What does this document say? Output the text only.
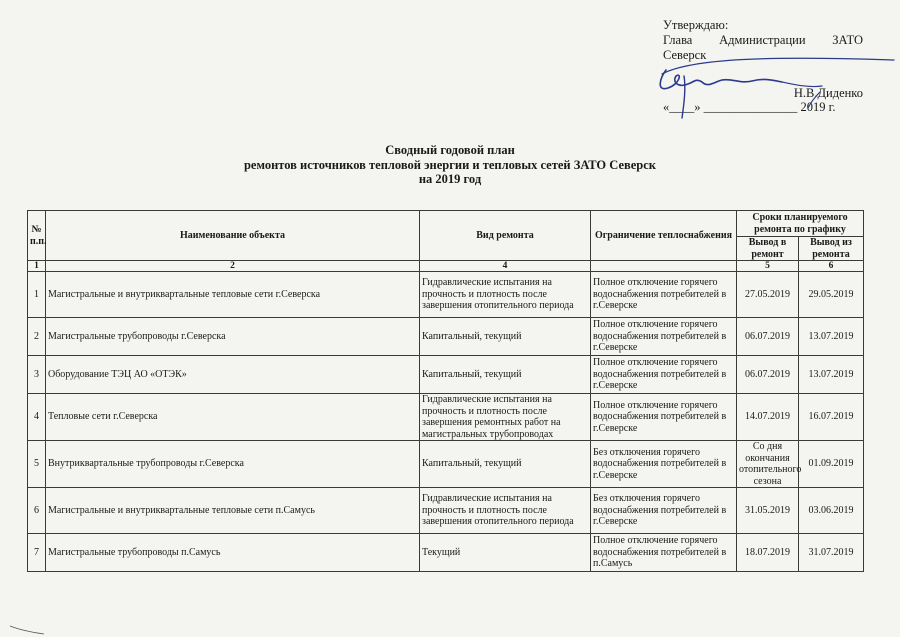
Утверждаю:
Глава Администрации ЗАТО
Северск
Н.В.Диденко
«____» _______________ 2019 г.
Сводный годовой план
ремонтов источников тепловой энергии и тепловых сетей ЗАТО Северск
на 2019 год
№ п.п.	Наименование объекта	Вид ремонта	Ограничение теплоснабжения	Сроки планируемого ремонта по графику	
				Вывод в ремонт	Вывод из ремонта
1	2	4		5	6
1	Магистральные и внутриквартальные тепловые сети г.Северска	Гидравлические испытания на прочность и плотность после завершения отопительного периода	Полное отключение горячего водоснабжения потребителей в г.Северске	27.05.2019	29.05.2019
2	Магистральные трубопроводы г.Северска	Капитальный, текущий	Полное отключение горячего водоснабжения потребителей в г.Северске	06.07.2019	13.07.2019
3	Оборудование ТЭЦ АО «ОТЭК»	Капитальный, текущий	Полное отключение горячего водоснабжения потребителей в г.Северске	06.07.2019	13.07.2019
4	Тепловые сети г.Северска	Гидравлические испытания на прочность и плотность после завершения ремонтных работ на магистральных трубопроводах	Полное отключение горячего водоснабжения потребителей в г.Северске	14.07.2019	16.07.2019
5	Внутриквартальные трубопроводы г.Северска	Капитальный, текущий	Без отключения горячего водоснабжения потребителей в г.Северске	Со дня окончания отопительного сезона	01.09.2019
6	Магистральные и внутриквартальные тепловые сети п.Самусь	Гидравлические испытания на прочность и плотность после завершения отопительного периода	Без отключения горячего водоснабжения потребителей в г.Северске	31.05.2019	03.06.2019
7	Магистральные трубопроводы п.Самусь	Текущий	Полное отключение горячего водоснабжения потребителей в п.Самусь	18.07.2019	31.07.2019
